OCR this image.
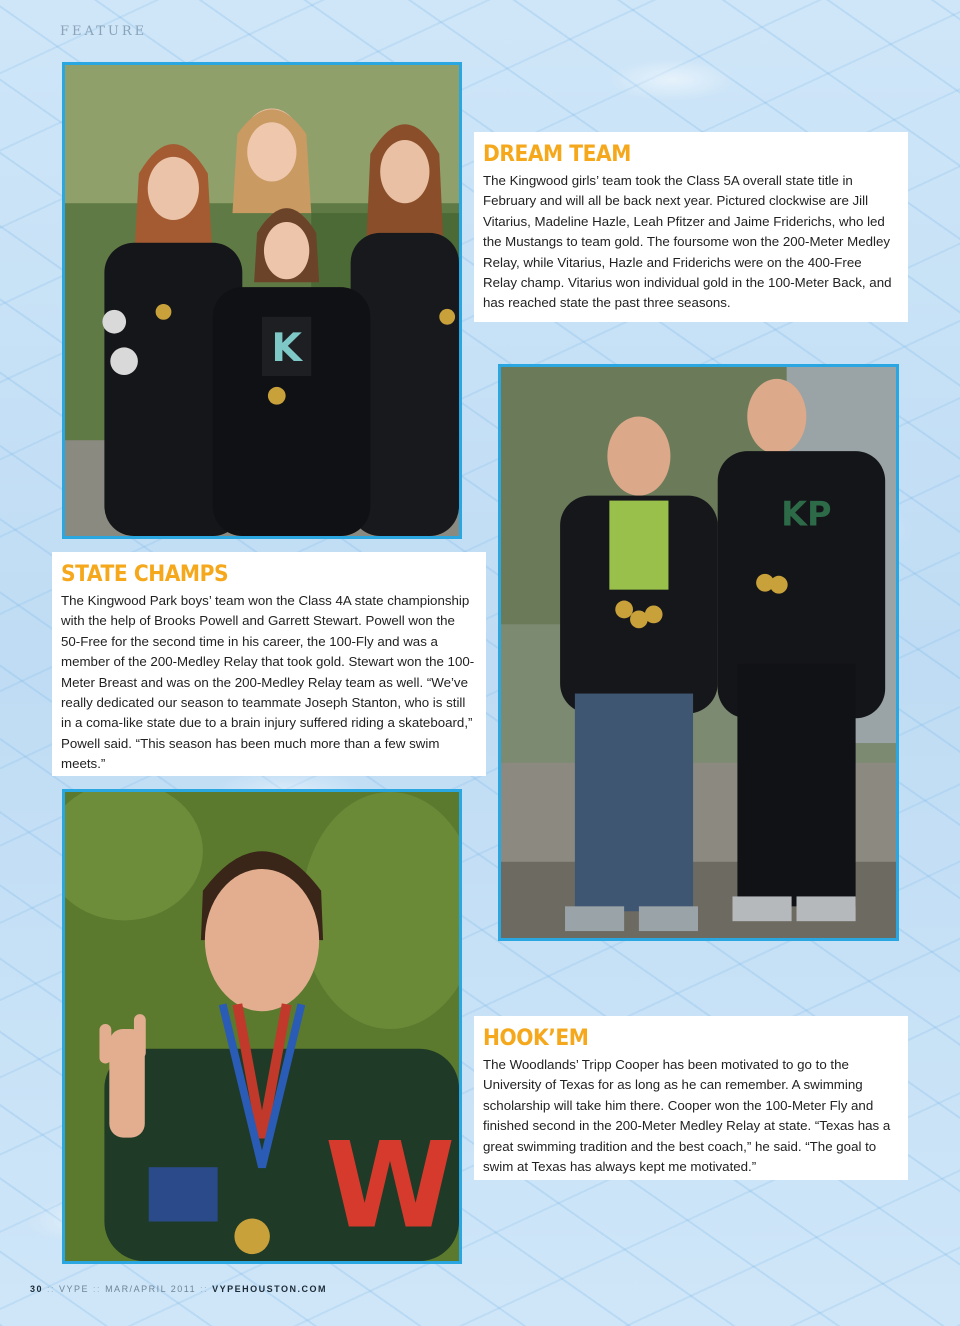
FEATURE
K
DREAM TEAM

The Kingwood girls’ team took the Class 5A overall state title in February and will all be back next year. Pictured clockwise are Jill Vitarius, Madeline Hazle, Leah Pfitzer and Jaime Friderichs, who led the Mustangs to team gold. The foursome won the 200-Meter Medley Relay, while Vitarius, Hazle and Friderichs were on the 400-Free Relay champ. Vitarius won individual gold in the 100-Meter Back, and has reached state the past three seasons.

KP
STATE CHAMPS

The Kingwood Park boys’ team won the Class 4A state championship with the help of Brooks Powell and Garrett Stewart. Powell won the 50-Free for the second time in his career, the 100-Fly and was a member of the 200-Medley Relay that took gold. Stewart won the 100-Meter Breast and was on the 200-Medley Relay team as well. “We’ve really dedicated our season to teammate Joseph Stanton, who is still in a coma-like state due to a brain injury suffered riding a skateboard,” Powell said. “This season has been much more than a few swim meets.”

W
HOOK’EM

The Woodlands’ Tripp Cooper has been motivated to go to the University of Texas for as long as he can remember. A swimming scholarship will take him there. Cooper won the 100-Meter Fly and finished second in the 200-Meter Medley Relay at state. “Texas has a great swimming tradition and the best coach,” he said. “The goal to swim at Texas has always kept me motivated.”

30 :: VYPE :: MAR/APRIL 2011 :: VYPEHOUSTON.COM
